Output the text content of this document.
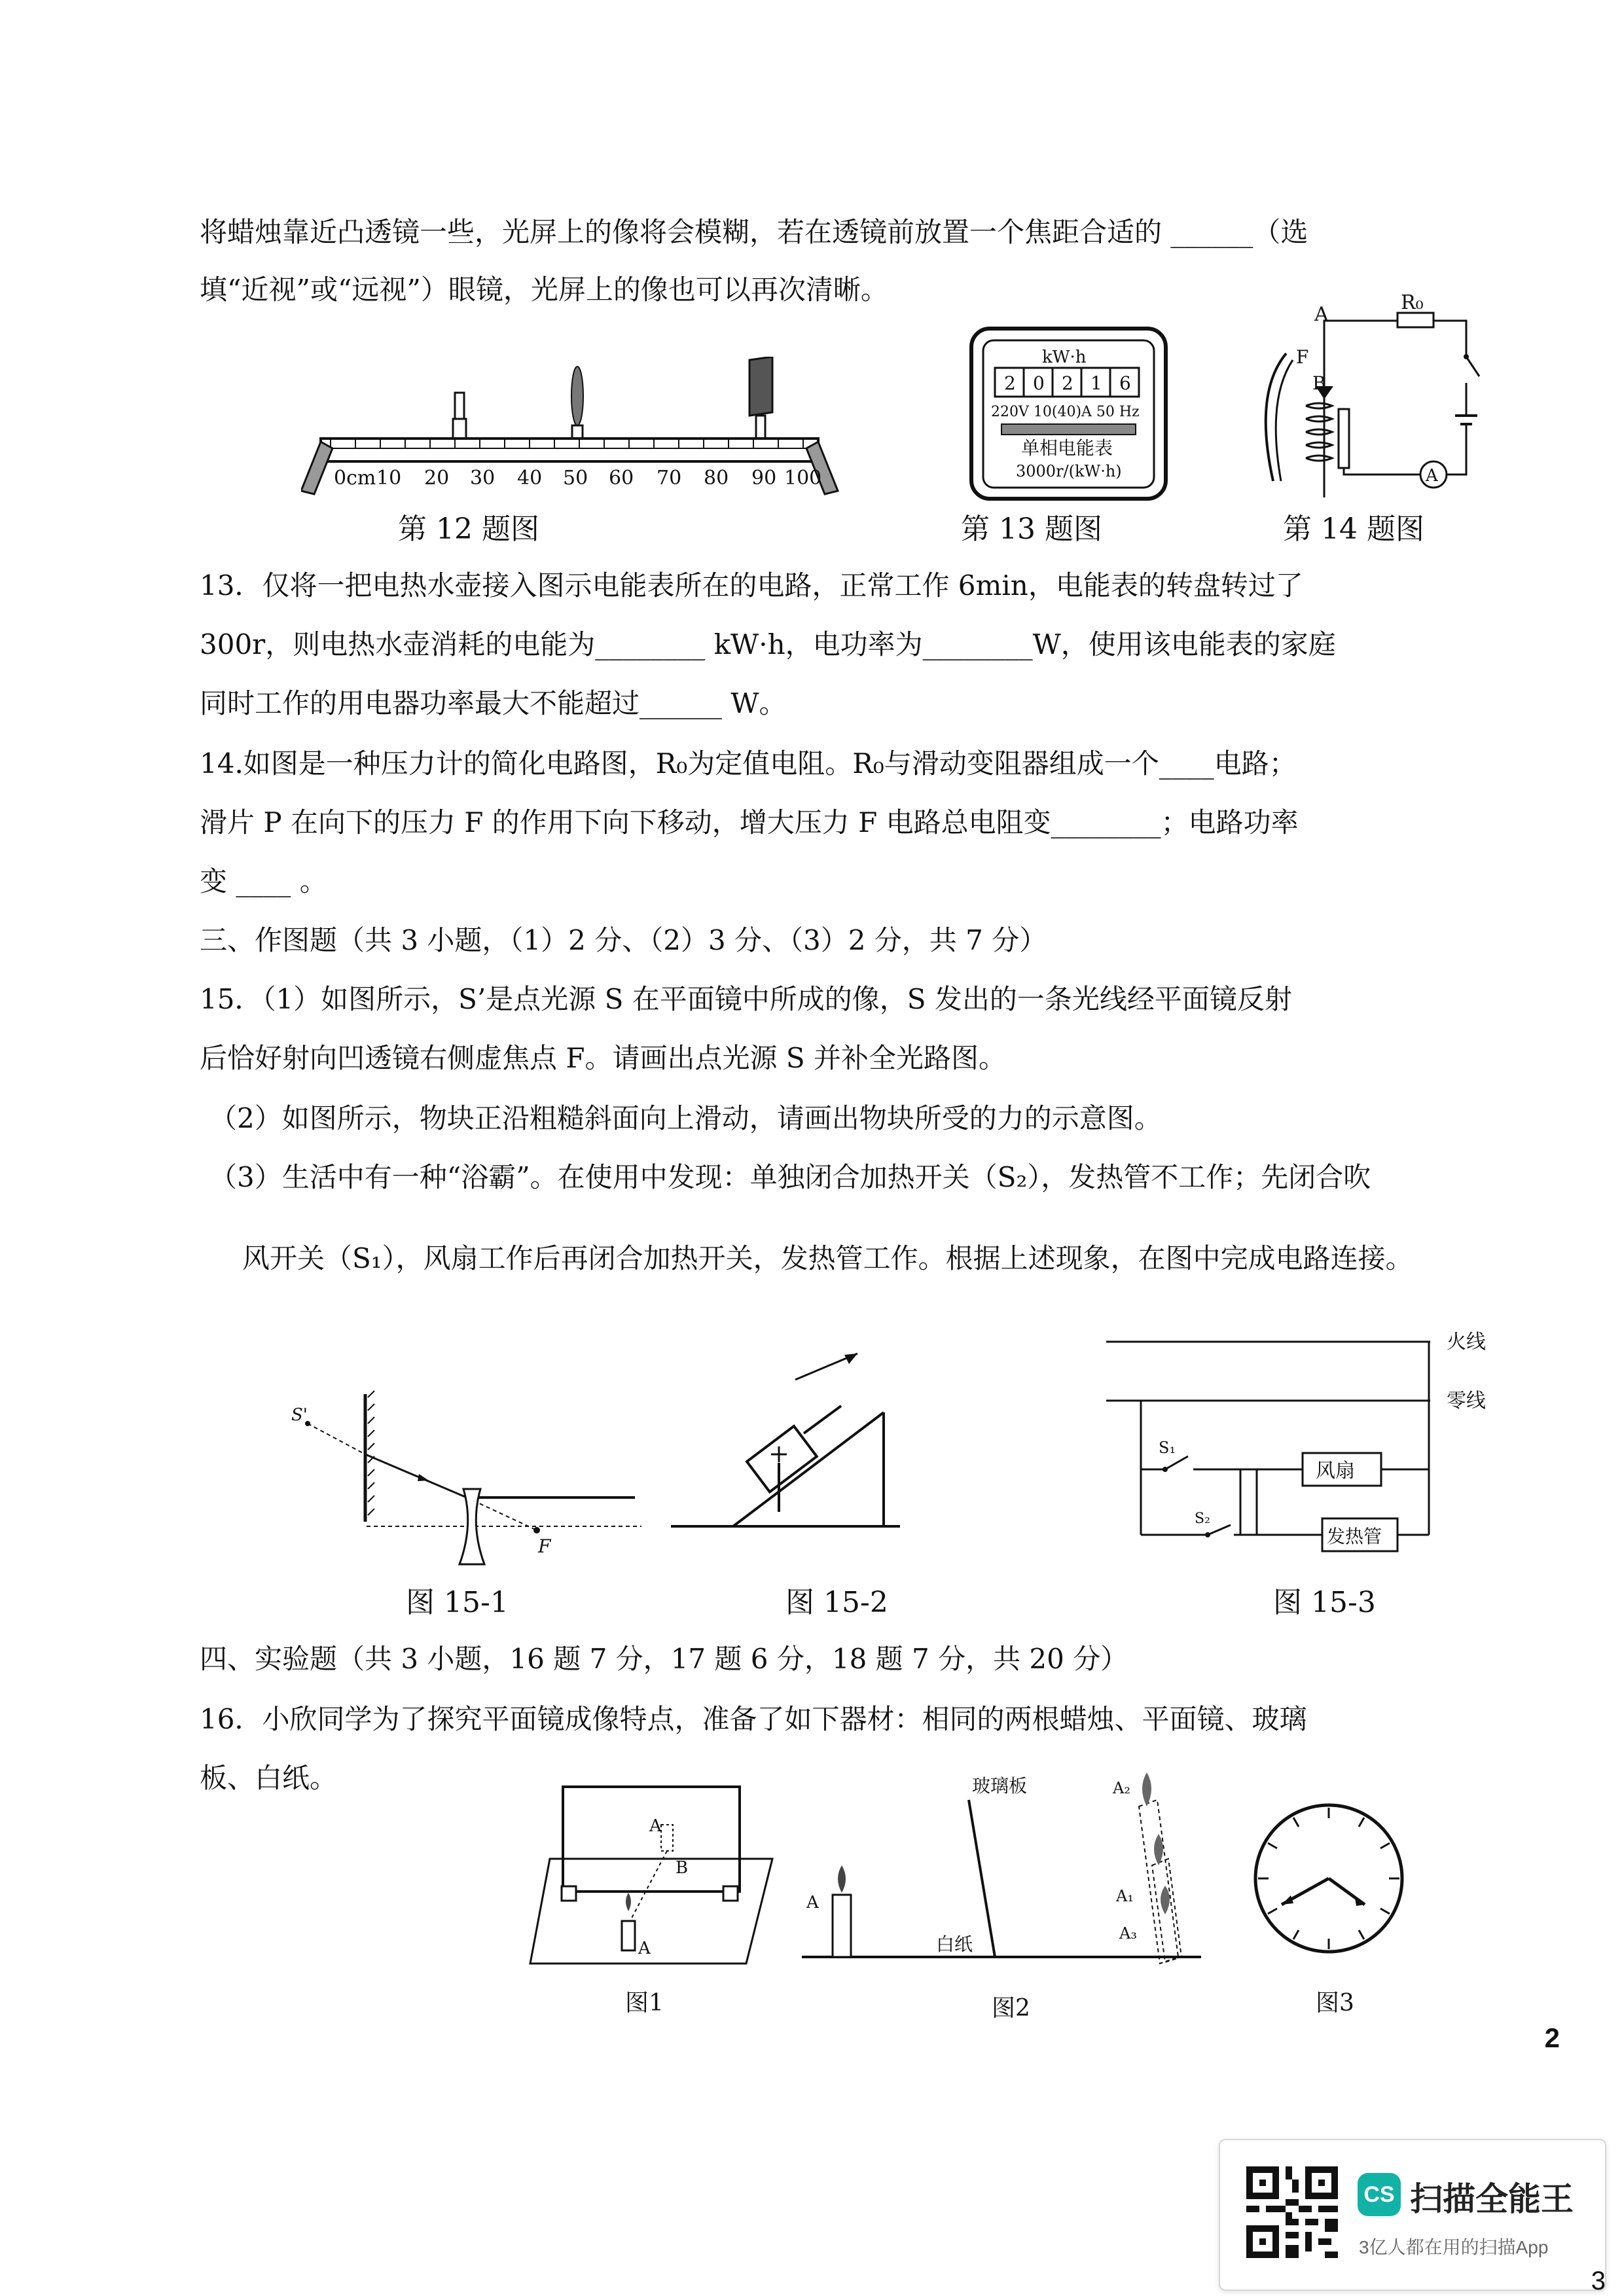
将蜡烛靠近凸透镜一些，光屏上的像将会模糊，若在透镜前放置一个焦距合适的 ______（选
填“近视”或“远视”）眼镜，光屏上的像也可以再次清晰。
0cm 10 20 30 40 50 60 70 80 90 100
第 12 题图
kW·h
2 0 2 1 6
220V 10(40)A 50 Hz
单相电能表
3000r/(kW·h)
第 13 题图
A
A
R₀
F
B
第 14 题图
13．仅将一把电热水壶接入图示电能表所在的电路，正常工作 6min，电能表的转盘转过了
300r，则电热水壶消耗的电能为________ kW·h，电功率为________W，使用该电能表的家庭
同时工作的用电器功率最大不能超过______ W。
14.如图是一种压力计的简化电路图，R₀为定值电阻。R₀与滑动变阻器组成一个____电路；
滑片 P 在向下的压力 F 的作用下向下移动，增大压力 F 电路总电阻变________；电路功率
变 ____ 。
三、作图题（共 3 小题，（1）2 分、（2）3 分、（3）2 分，共 7 分）
15．（1）如图所示，S’是点光源 S 在平面镜中所成的像，S 发出的一条光线经平面镜反射
后恰好射向凹透镜右侧虚焦点 F。请画出点光源 S 并补全光路图。
（2）如图所示，物块正沿粗糙斜面向上滑动，请画出物块所受的力的示意图。
（3）生活中有一种“浴霸”。在使用中发现：单独闭合加热开关（S₂），发热管不工作；先闭合吹
风开关（S₁），风扇工作后再闭合加热开关，发热管工作。根据上述现象，在图中完成电路连接。
S'
F
图 15-1	图 15-2
火线
零线
S₁
风扇
S₂
发热管
图 15-3
四、实验题（共 3 小题，16 题 7 分，17 题 6 分，18 题 7 分，共 20 分）
16．小欣同学为了探究平面镜成像特点，准备了如下器材：相同的两根蜡烛、平面镜、玻璃
板、白纸。
A
B
A
图1
玻璃板
白纸
A
A₂
A₁
A₃
图2	图3
2
CS 扫描全能王
3亿人都在用的扫描App
3
